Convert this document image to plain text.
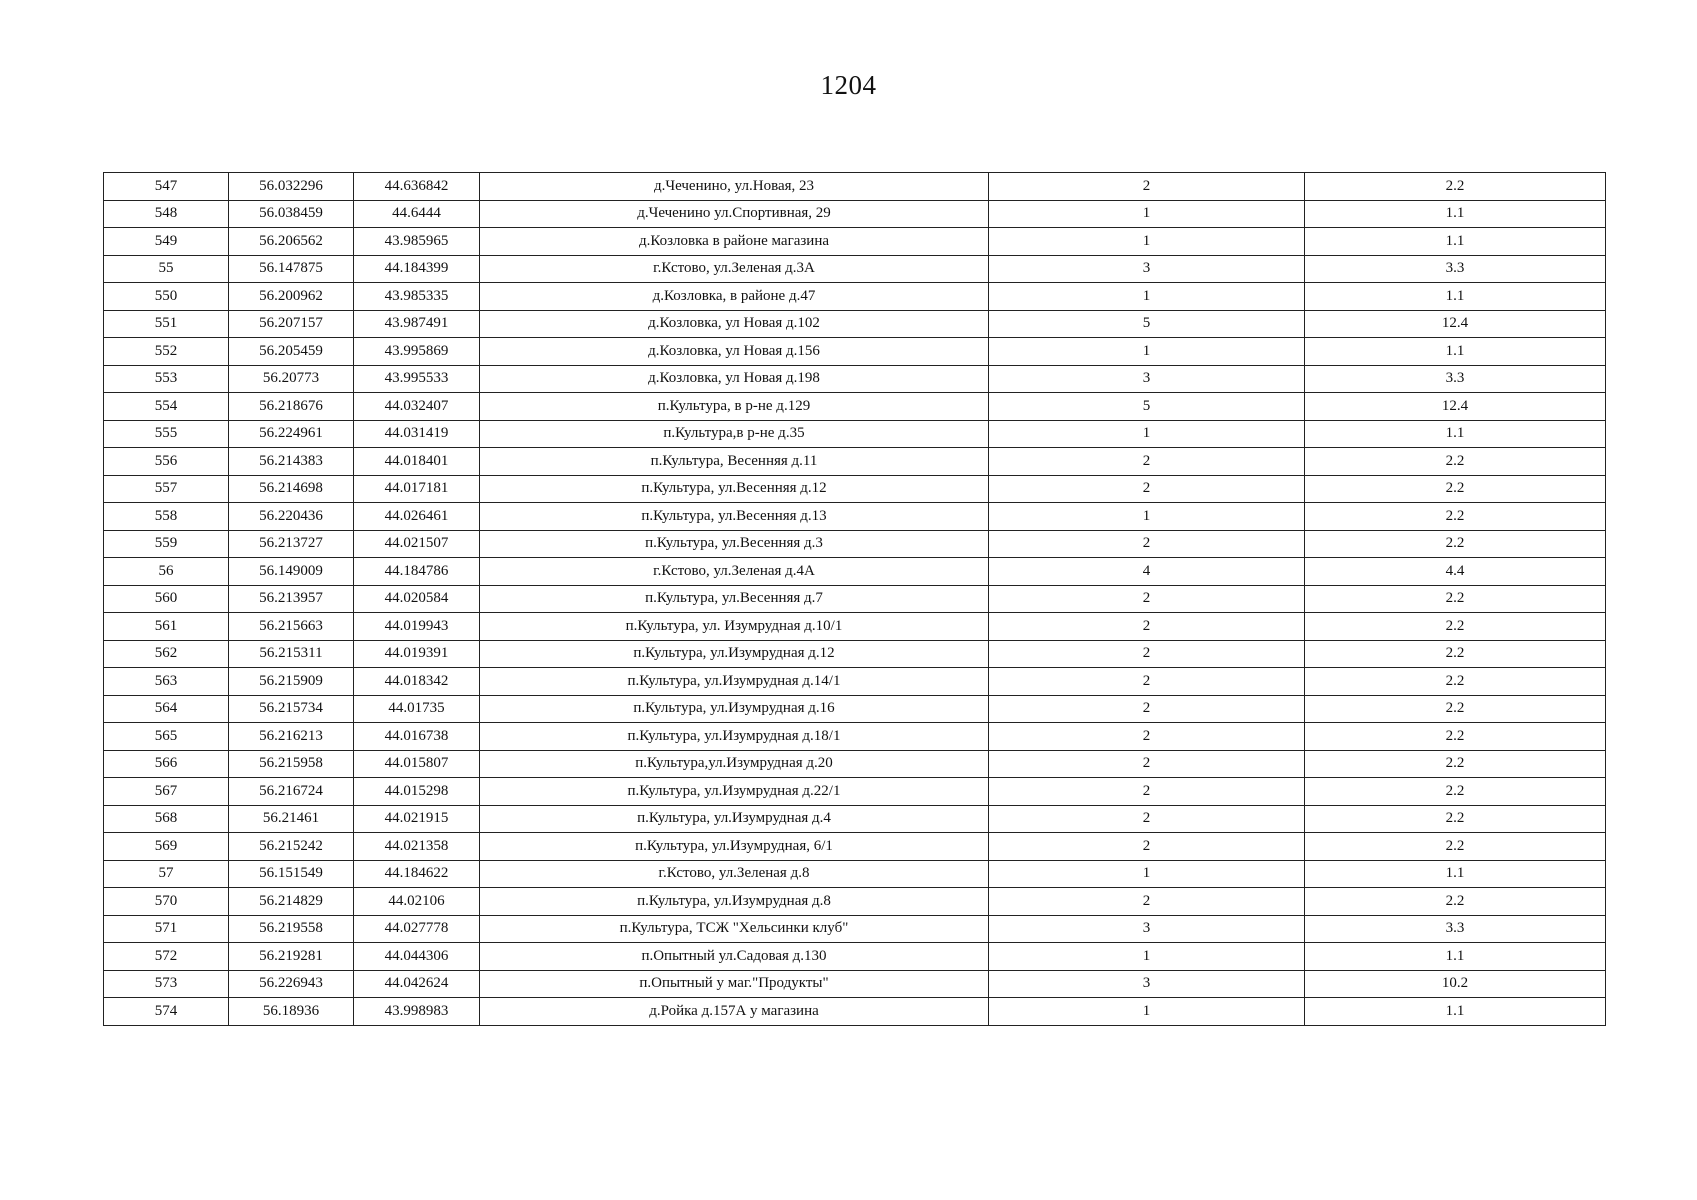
1204
547	56.032296	44.636842	д.Чеченино, ул.Новая, 23	2	2.2
548	56.038459	44.6444	д.Чеченино ул.Спортивная, 29	1	1.1
549	56.206562	43.985965	д.Козловка в районе магазина	1	1.1
55	56.147875	44.184399	г.Кстово, ул.Зеленая д.3А	3	3.3
550	56.200962	43.985335	д.Козловка, в районе д.47	1	1.1
551	56.207157	43.987491	д.Козловка, ул Новая д.102	5	12.4
552	56.205459	43.995869	д.Козловка, ул Новая д.156	1	1.1
553	56.20773	43.995533	д.Козловка, ул Новая д.198	3	3.3
554	56.218676	44.032407	п.Культура, в р-не д.129	5	12.4
555	56.224961	44.031419	п.Культура,в р-не д.35	1	1.1
556	56.214383	44.018401	п.Культура, Весенняя д.11	2	2.2
557	56.214698	44.017181	п.Культура, ул.Весенняя д.12	2	2.2
558	56.220436	44.026461	п.Культура, ул.Весенняя д.13	1	2.2
559	56.213727	44.021507	п.Культура, ул.Весенняя д.3	2	2.2
56	56.149009	44.184786	г.Кстово, ул.Зеленая д.4А	4	4.4
560	56.213957	44.020584	п.Культура, ул.Весенняя д.7	2	2.2
561	56.215663	44.019943	п.Культура, ул. Изумрудная д.10/1	2	2.2
562	56.215311	44.019391	п.Культура, ул.Изумрудная д.12	2	2.2
563	56.215909	44.018342	п.Культура, ул.Изумрудная д.14/1	2	2.2
564	56.215734	44.01735	п.Культура, ул.Изумрудная д.16	2	2.2
565	56.216213	44.016738	п.Культура, ул.Изумрудная д.18/1	2	2.2
566	56.215958	44.015807	п.Культура,ул.Изумрудная д.20	2	2.2
567	56.216724	44.015298	п.Культура, ул.Изумрудная д.22/1	2	2.2
568	56.21461	44.021915	п.Культура, ул.Изумрудная д.4	2	2.2
569	56.215242	44.021358	п.Культура, ул.Изумрудная, 6/1	2	2.2
57	56.151549	44.184622	г.Кстово, ул.Зеленая д.8	1	1.1
570	56.214829	44.02106	п.Культура, ул.Изумрудная д.8	2	2.2
571	56.219558	44.027778	п.Культура, ТСЖ "Хельсинки клуб"	3	3.3
572	56.219281	44.044306	п.Опытный ул.Садовая д.130	1	1.1
573	56.226943	44.042624	п.Опытный у маг."Продукты"	3	10.2
574	56.18936	43.998983	д.Ройка д.157А у магазина	1	1.1
